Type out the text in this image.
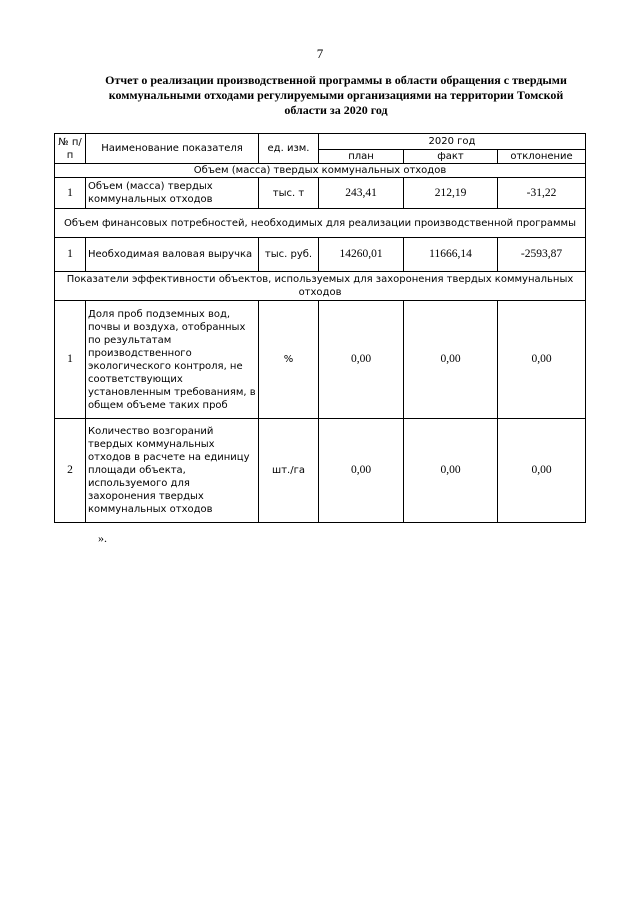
7
Отчет о реализации производственной программы в области обращения с твердыми коммунальными отходами регулируемыми организациями на территории Томской области за 2020 год
№ п/п	Наименование показателя	ед. изм.	2020 год		
			план	факт	отклонение
Объем (масса) твердых коммунальных отходов					
1	Объем (масса) твердых коммунальных отходов	тыс. т	243,41	212,19	-31,22
Объем финансовых потребностей, необходимых для реализации производственной программы					
1	Необходимая валовая выручка	тыс. руб.	14260,01	11666,14	-2593,87
Показатели эффективности объектов, используемых для захоронения твердых коммунальных отходов					
1	Доля проб подземных вод, почвы и воздуха, отобранных по результатам производственного экологического контроля, не соответствующих установленным требованиям, в общем объеме таких проб	%	0,00	0,00	0,00
2	Количество возгораний твердых коммунальных отходов в расчете на единицу площади объекта, используемого для захоронения твердых коммунальных отходов	шт./га	0,00	0,00	0,00
».
